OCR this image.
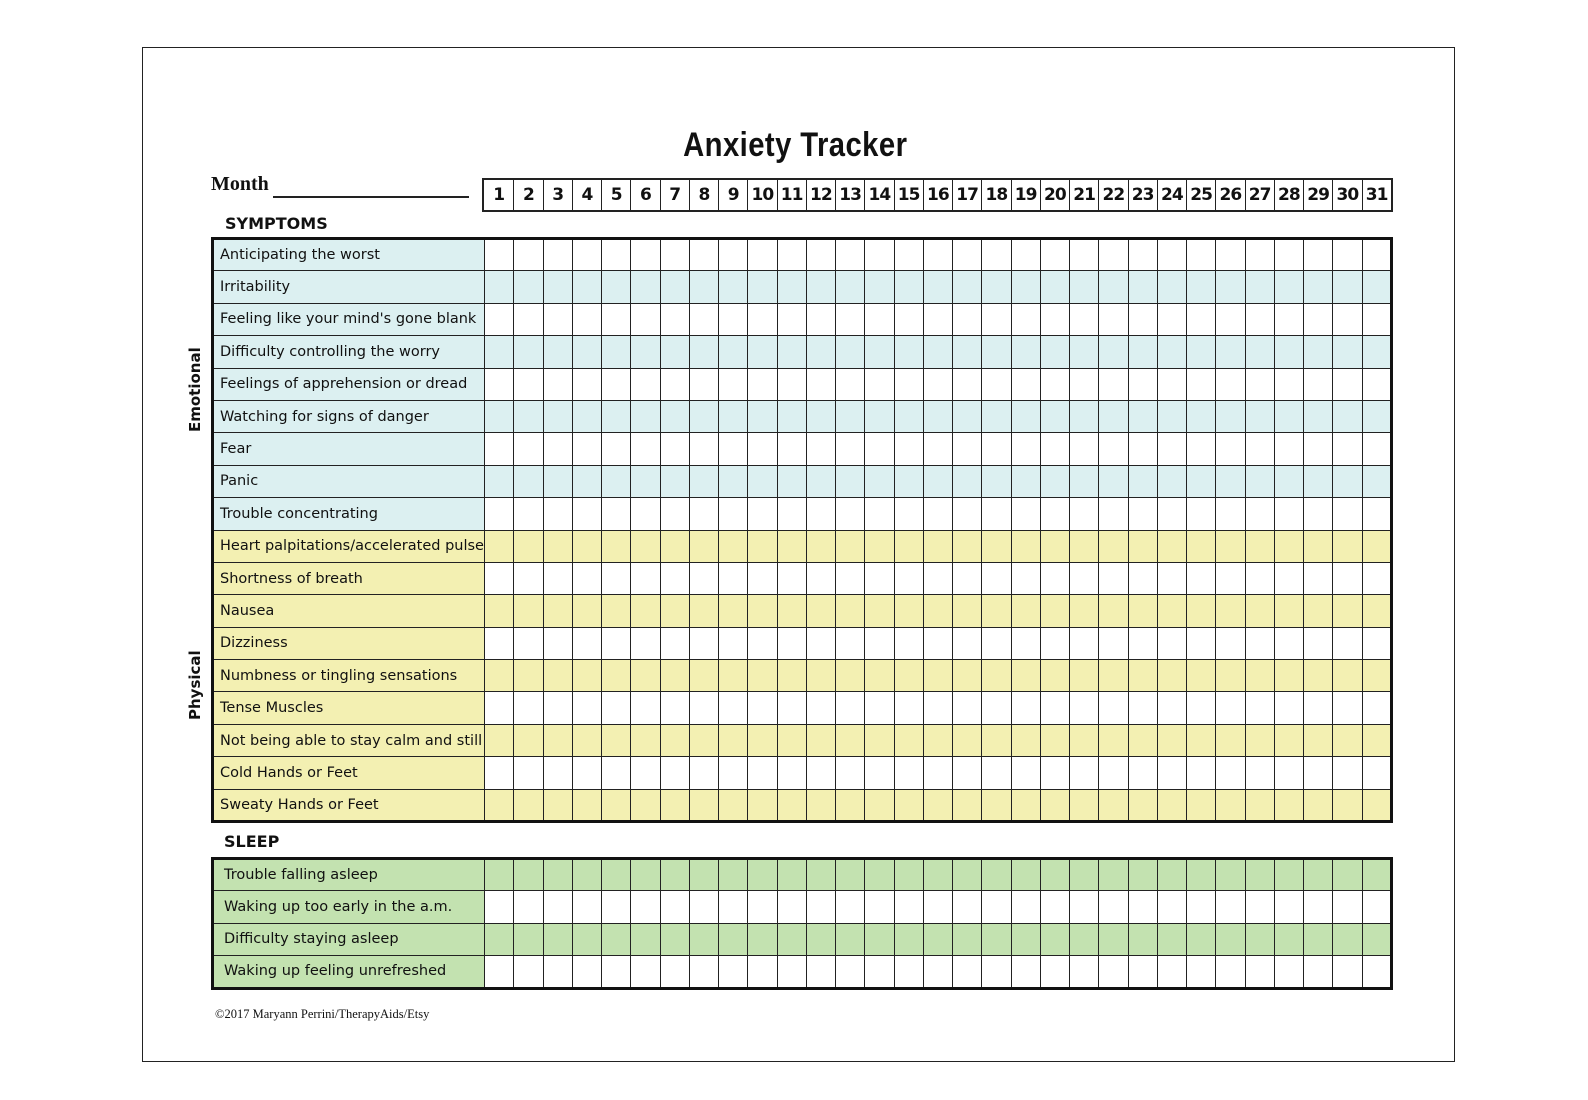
Anxiety Tracker
Month	1	2	3	4	5	6	7	8	9 10 11 12 13 14 15 16 17 18 19 20 21 22 23 24 25 26 27 28 29 30 31
SYMPTOMS
Emotional
Physical
Anticipating the worst																															
Irritability																															
Feeling like your mind's gone blank																															
Difficulty controlling the worry																															
Feelings of apprehension or dread																															
Watching for signs of danger																															
Fear																															
Panic																															
Trouble concentrating																															
Heart palpitations/accelerated pulse																															
Shortness of breath																															
Nausea																															
Dizziness																															
Numbness or tingling sensations																															
Tense Muscles																															
Not being able to stay calm and still																															
Cold Hands or Feet																															
Sweaty Hands or Feet																															
SLEEP
Trouble falling asleep																															
Waking up too early in the a.m.																															
Difficulty staying asleep																															
Waking up feeling unrefreshed																															
©2017 Maryann Perrini/TherapyAids/Etsy
